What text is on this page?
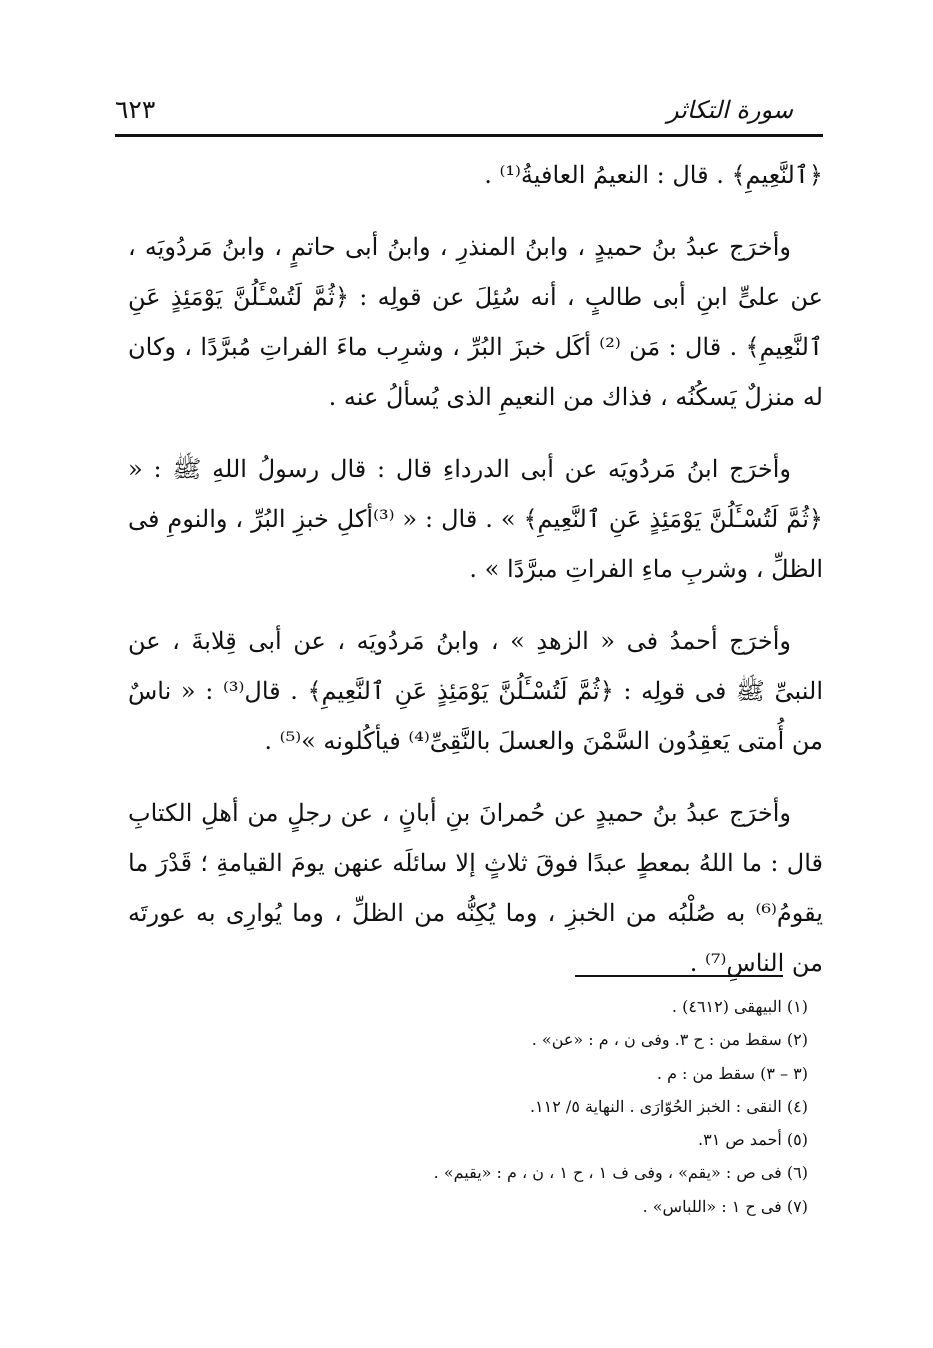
٦٢٣	سورة التكاثر

﴿ٱلنَّعِيمِ﴾ . قال : النعيمُ العافيةُ⁽¹⁾ .

وأخرَج عبدُ بنُ حميدٍ ، وابنُ المنذرِ ، وابنُ أبى حاتمٍ ، وابنُ مَردُويَه ، عن علىٍّ ابنِ أبى طالبٍ ، أنه سُئِلَ عن قولِه : ﴿ثُمَّ لَتُسْـَٔلُنَّ يَوْمَئِذٍ عَنِ ٱلنَّعِيمِ﴾ . قال : مَن ⁽²⁾ أكَل خبزَ البُرِّ ، وشرِب ماءَ الفراتِ مُبرَّدًا ، وكان له منزلٌ يَسكُنُه ، فذاك من النعيمِ الذى يُسألُ عنه .

وأخرَج ابنُ مَردُويَه عن أبى الدرداءِ قال : قال رسولُ اللهِ ﷺ : « ﴿ثُمَّ لَتُسْـَٔلُنَّ يَوْمَئِذٍ عَنِ ٱلنَّعِيمِ﴾ » . قال : « ⁽³⁾أكلِ خبزِ البُرِّ ، والنومِ فى الظلِّ ، وشربِ ماءِ الفراتِ مبرَّدًا » .

وأخرَج أحمدُ فى « الزهدِ » ، وابنُ مَردُويَه ، عن أبى قِلابةَ ، عن النبىِّ ﷺ فى قولِه : ﴿ثُمَّ لَتُسْـَٔلُنَّ يَوْمَئِذٍ عَنِ ٱلنَّعِيمِ﴾ . قال⁽³⁾ : « ناسٌ من أُمتى يَعقِدُون السَّمْنَ والعسلَ بالنَّقِىِّ⁽⁴⁾ فيأكُلونه »⁽⁵⁾ .

وأخرَج عبدُ بنُ حميدٍ عن حُمرانَ بنِ أبانٍ ، عن رجلٍ من أهلِ الكتابِ قال : ما اللهُ بمعطٍ عبدًا فوقَ ثلاثٍ إلا سائلَه عنهن يومَ القيامةِ ؛ قَدْرَ ما يقومُ⁽⁶⁾ به صُلْبُه من الخبزِ ، وما يُكِنُّه من الظلِّ ، وما يُوارِى به عورتَه من الناسِ⁽⁷⁾ .

(١) البيهقى (٤٦١٢) .
(٢) سقط من : ح ٣. وفى ن ، م : «عن» .
(٣ – ٣) سقط من : م .
(٤) النقى : الخبز الحُوّارَى . النهاية ٥/ ١١٢.
(٥) أحمد ص ٣١.
(٦) فى ص : «يقم» ، وفى ف ١ ، ح ١ ، ن ، م : «يقيم» .
(٧) فى ح ١ : «اللباس» .
